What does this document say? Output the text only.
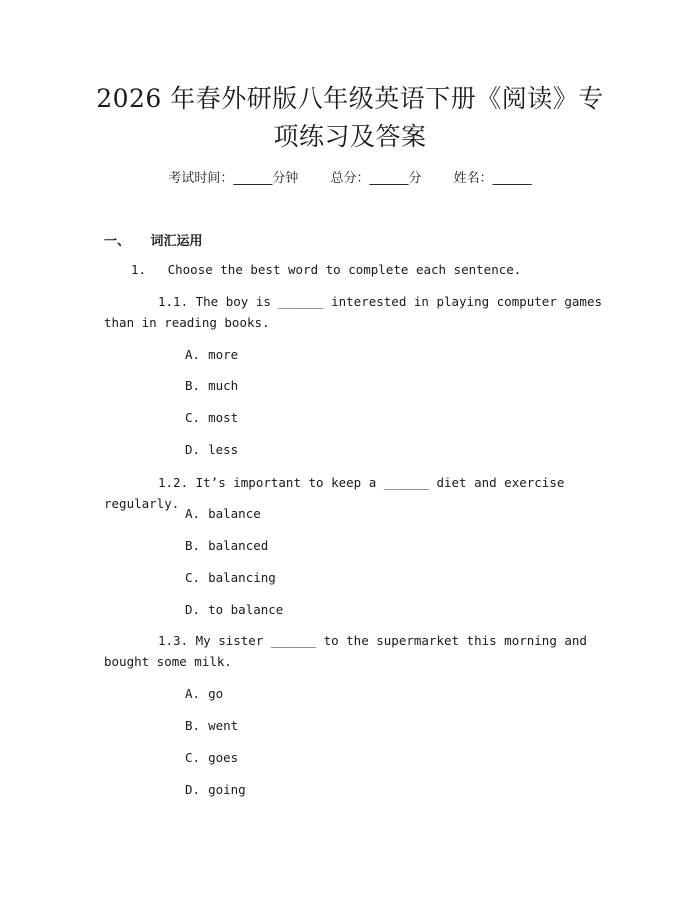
2026 年春外研版八年级英语下册《阅读》专
项练习及答案
考试时间：______分钟 总分：______分 姓名：______
一、 词汇运用
1. Choose the best word to complete each sentence.
1.1. The boy is ______ interested in playing computer games than in reading books.
A. more
B. much
C. most
D. less
1.2. It’s important to keep a ______ diet and exercise regularly.
A. balance
B. balanced
C. balancing
D. to balance
1.3. My sister ______ to the supermarket this morning and bought some milk.
A. go
B. went
C. goes
D. going
